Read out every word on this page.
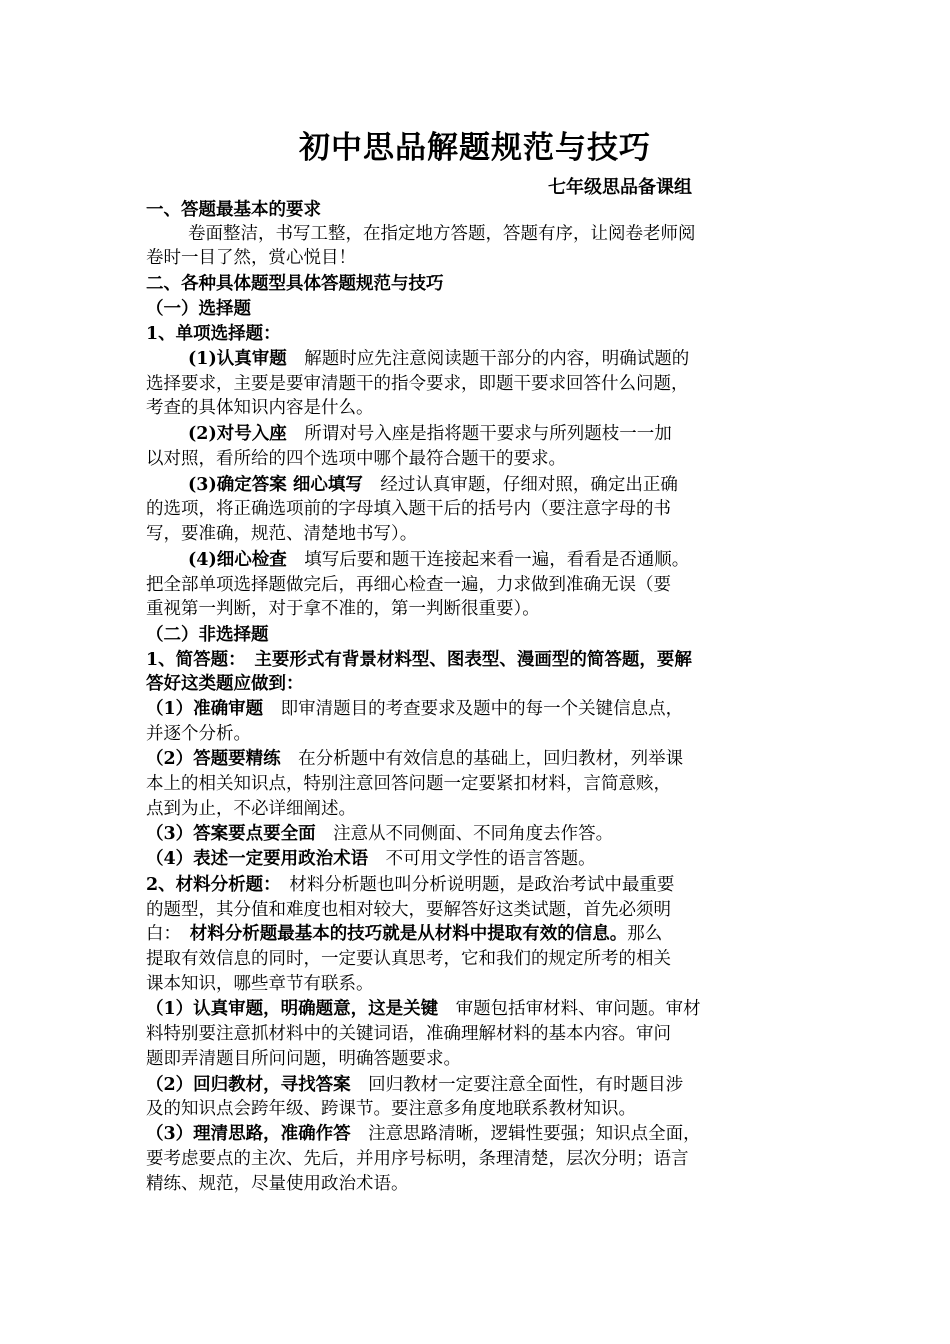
初中思品解题规范与技巧
七年级思品备课组
一、答题最基本的要求
卷面整洁，书写工整，在指定地方答题，答题有序，让阅卷老师阅
卷时一目了然，赏心悦目！
二、各种具体题型具体答题规范与技巧
（一）选择题
1、单项选择题：
(1)认真审题　解题时应先注意阅读题干部分的内容，明确试题的
选择要求，主要是要审清题干的指令要求，即题干要求回答什么问题，
考查的具体知识内容是什么。
(2)对号入座　所谓对号入座是指将题干要求与所列题枝一一加
以对照，看所给的四个选项中哪个最符合题干的要求。
(3)确定答案 细心填写　经过认真审题，仔细对照，确定出正确
的选项，将正确选项前的字母填入题干后的括号内（要注意字母的书
写，要准确，规范、清楚地书写）。
(4)细心检查　填写后要和题干连接起来看一遍，看看是否通顺。
把全部单项选择题做完后，再细心检查一遍，力求做到准确无误（要
重视第一判断，对于拿不准的，第一判断很重要）。
（二）非选择题
1、简答题：　主要形式有背景材料型、图表型、漫画型的简答题，要解
答好这类题应做到：
（1）准确审题　即审清题目的考查要求及题中的每一个关键信息点，
并逐个分析。
（2）答题要精练　在分析题中有效信息的基础上，回归教材，列举课
本上的相关知识点，特别注意回答问题一定要紧扣材料，言简意赅，
点到为止，不必详细阐述。
（3）答案要点要全面　注意从不同侧面、不同角度去作答。
（4）表述一定要用政治术语　不可用文学性的语言答题。
2、材料分析题：　材料分析题也叫分析说明题，是政治考试中最重要
的题型，其分值和难度也相对较大，要解答好这类试题，首先必须明
白：　材料分析题最基本的技巧就是从材料中提取有效的信息。那么
提取有效信息的同时，一定要认真思考，它和我们的规定所考的相关
课本知识，哪些章节有联系。
（1）认真审题，明确题意，这是关键　审题包括审材料、审问题。审材
料特别要注意抓材料中的关键词语，准确理解材料的基本内容。审问
题即弄清题目所问问题，明确答题要求。
（2）回归教材，寻找答案　回归教材一定要注意全面性，有时题目涉
及的知识点会跨年级、跨课节。要注意多角度地联系教材知识。
（3）理清思路，准确作答　注意思路清晰，逻辑性要强；知识点全面，
要考虑要点的主次、先后，并用序号标明，条理清楚，层次分明；语言
精练、规范，尽量使用政治术语。
